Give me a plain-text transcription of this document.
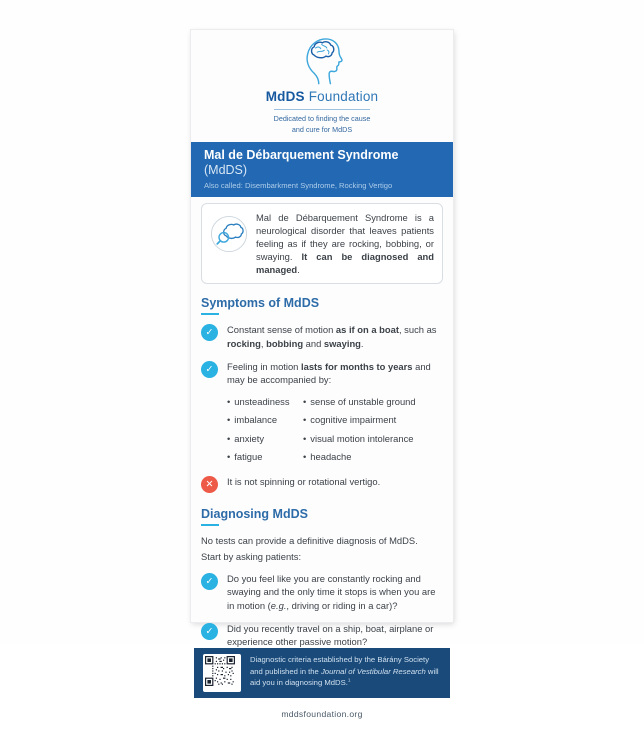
MdDS Foundation
Dedicated to finding the cause
and cure for MdDS
Mal de Débarquement Syndrome (MdDS)
Also called: Disembarkment Syndrome, Rocking Vertigo

Mal de Débarquement Syndrome is a neurological disorder that leaves patients feeling as if they are rocking, bobbing, or swaying. It can be diagnosed and managed.

Symptoms of MdDS
✓	Constant sense of motion as if on a boat, such as rocking, bobbing and swaying.

✓	Feeling in motion lasts for months to years and may be accompanied by:

• unsteadiness
• imbalance
• anxiety
• fatigue
• sense of unstable ground
• cognitive impairment
• visual motion intolerance
• headache
✕	It is not spinning or rotational vertigo.

Diagnosing MdDS

No tests can provide a definitive diagnosis of MdDS.

Start by asking patients:

✓	Do you feel like you are constantly rocking and swaying and the only time it stops is when you are in motion (e.g., driving or riding in a car)?

✓	Did you recently travel on a ship, boat, airplane or experience other passive motion?

Diagnostic criteria established by the Bárány Society and published in the Journal of Vestibular Research will aid you in diagnosing MdDS.$^1$

mddsfoundation.org
